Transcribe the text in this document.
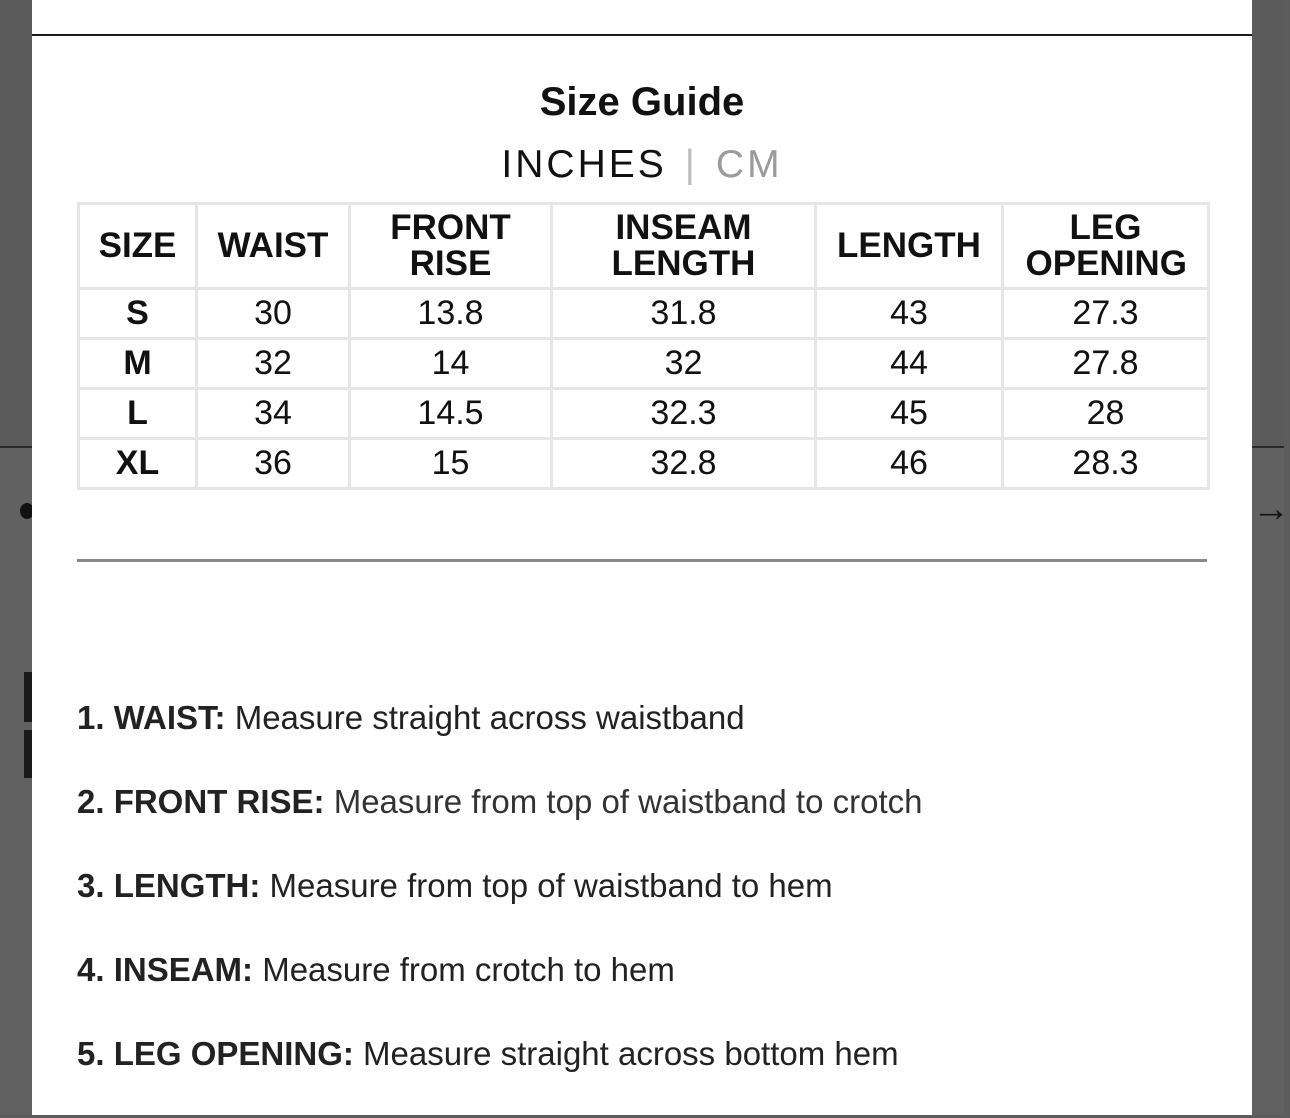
→
Size Guide
INCHES | CM
SIZE	WAIST	FRONT RISE	INSEAM LENGTH	LENGTH	LEG OPENING

S	30	13.8	31.8	43	27.3
M	32	14	32	44	27.8
L	34	14.5	32.3	45	28
XL	36	15	32.8	46	28.3
1. WAIST: Measure straight across waistband
2. FRONT RISE: Measure from top of waistband to crotch
3. LENGTH: Measure from top of waistband to hem
4. INSEAM: Measure from crotch to hem
5. LEG OPENING: Measure straight across bottom hem
